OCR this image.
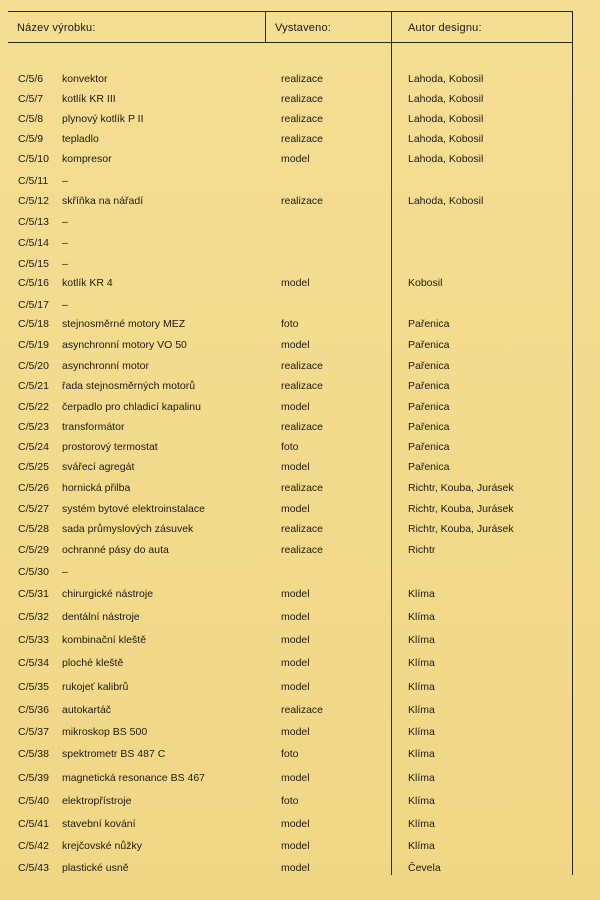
Název výrobku:	Vystaveno:	Autor designu:
C/5/6 konvektor	realizace	Lahoda, Kobosil
C/5/7 kotlík KR III	realizace	Lahoda, Kobosil
C/5/8 plynový kotlík P II	realizace	Lahoda, Kobosil
C/5/9 tepladlo	realizace	Lahoda, Kobosil
C/5/10 kompresor	model	Lahoda, Kobosil
C/5/11 –
C/5/12 skříňka na nářadí	realizace	Lahoda, Kobosil
C/5/13 –
C/5/14 –
C/5/15 –
C/5/16 kotlík KR 4	model	Kobosil
C/5/17 –
C/5/18 stejnosměrné motory MEZ	foto	Pařenica
C/5/19 asynchronní motory VO 50	model	Pařenica
C/5/20 asynchronní motor	realizace	Pařenica
C/5/21 řada stejnosměrných motorů	realizace	Pařenica
C/5/22 čerpadlo pro chladicí kapalinu	model	Pařenica
C/5/23 transformátor	realizace	Pařenica
C/5/24 prostorový termostat	foto	Pařenica
C/5/25 svářecí agregát	model	Pařenica
C/5/26 hornická přilba	realizace	Richtr, Kouba, Jurásek
C/5/27 systém bytové elektroinstalace	model	Richtr, Kouba, Jurásek
C/5/28 sada průmyslových zásuvek	realizace	Richtr, Kouba, Jurásek
C/5/29 ochranné pásy do auta	realizace	Richtr
C/5/30 –
C/5/31 chirurgické nástroje	model	Klíma
C/5/32 dentální nástroje	model	Klíma
C/5/33 kombinační kleště	model	Klíma
C/5/34 ploché kleště	model	Klíma
C/5/35 rukojeť kalibrů	model	Klíma
C/5/36 autokartáč	realizace	Klíma
C/5/37 mikroskop BS 500	model	Klíma
C/5/38 spektrometr BS 487 C	foto	Klíma
C/5/39 magnetická resonance BS 467	model	Klíma
C/5/40 elektropřístroje	foto	Klíma
C/5/41 stavební kování	model	Klíma
C/5/42 krejčovské nůžky	model	Klíma
C/5/43 plastické usně	model	Čevela
